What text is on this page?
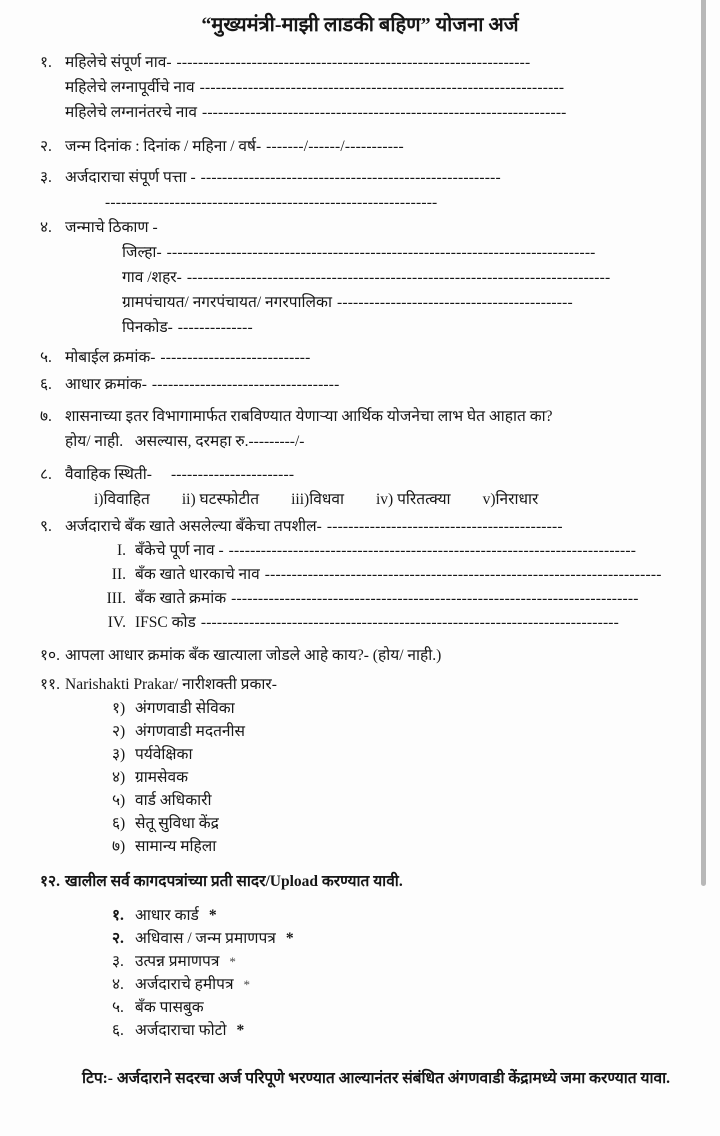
“मुख्यमंत्री-माझी लाडकी बहिण” योजना अर्ज
१. महिलेचे संपूर्ण नाव- ------------------------------------------------------------------
महिलेचे लग्नापूर्वीचे नाव --------------------------------------------------------------------
महिलेचे लग्नानंतरचे नाव --------------------------------------------------------------------
२. जन्म दिनांक : दिनांक / महिना / वर्ष- -------/------/-----------
३. अर्जदाराचा संपूर्ण पत्ता - --------------------------------------------------------
--------------------------------------------------------------
४. जन्माचे ठिकाण -
जिल्हा- --------------------------------------------------------------------------------
गाव /शहर- -------------------------------------------------------------------------------
ग्रामपंचायत/ नगरपंचायत/ नगरपालिका --------------------------------------------
पिनकोड- --------------
५. मोबाईल क्रमांक- ----------------------------
६. आधार क्रमांक- -----------------------------------
७. शासनाच्या इतर विभागामार्फत राबविण्यात येणाऱ्या आर्थिक योजनेचा लाभ घेत आहात का?
होय/ नाही.   असल्यास, दरमहा रु.---------/-
८. वैवाहिक स्थिती- -----------------------
i)विवाहित ii) घटस्फोटीत iii)विधवा iv) परितत्क्या v)निराधार
९. अर्जदाराचे बँक खाते असलेल्या बँकेचा तपशील- --------------------------------------------
I. बँकेचे पूर्ण नाव - ----------------------------------------------------------------------------
II. बँक खाते धारकाचे नाव --------------------------------------------------------------------------
III. बँक खाते क्रमांक ----------------------------------------------------------------------------
IV. IFSC कोड ------------------------------------------------------------------------------
१०. आपला आधार क्रमांक बँक खात्याला जोडले आहे काय?- (होय/ नाही.)
११. Narishakti Prakar/ नारीशक्ती प्रकार-
१) अंगणवाडी सेविका
२) अंगणवाडी मदतनीस
३) पर्यवेक्षिका
४) ग्रामसेवक
५) वार्ड अधिकारी
६) सेतू सुविधा केंद्र
७) सामान्य महिला
१२. खालील सर्व कागदपत्रांच्या प्रती सादर/Upload करण्यात यावी.
१. आधार कार्ड *
२. अधिवास / जन्म प्रमाणपत्र *
३. उत्पन्न प्रमाणपत्र *
४. अर्जदाराचे हमीपत्र *
५. बँक पासबुक
६. अर्जदाराचा फोटो *
टिप:- अर्जदाराने सदरचा अर्ज परिपूणे भरण्यात आल्यानंतर संबंधित अंगणवाडी केंद्रामध्ये जमा करण्यात यावा.
